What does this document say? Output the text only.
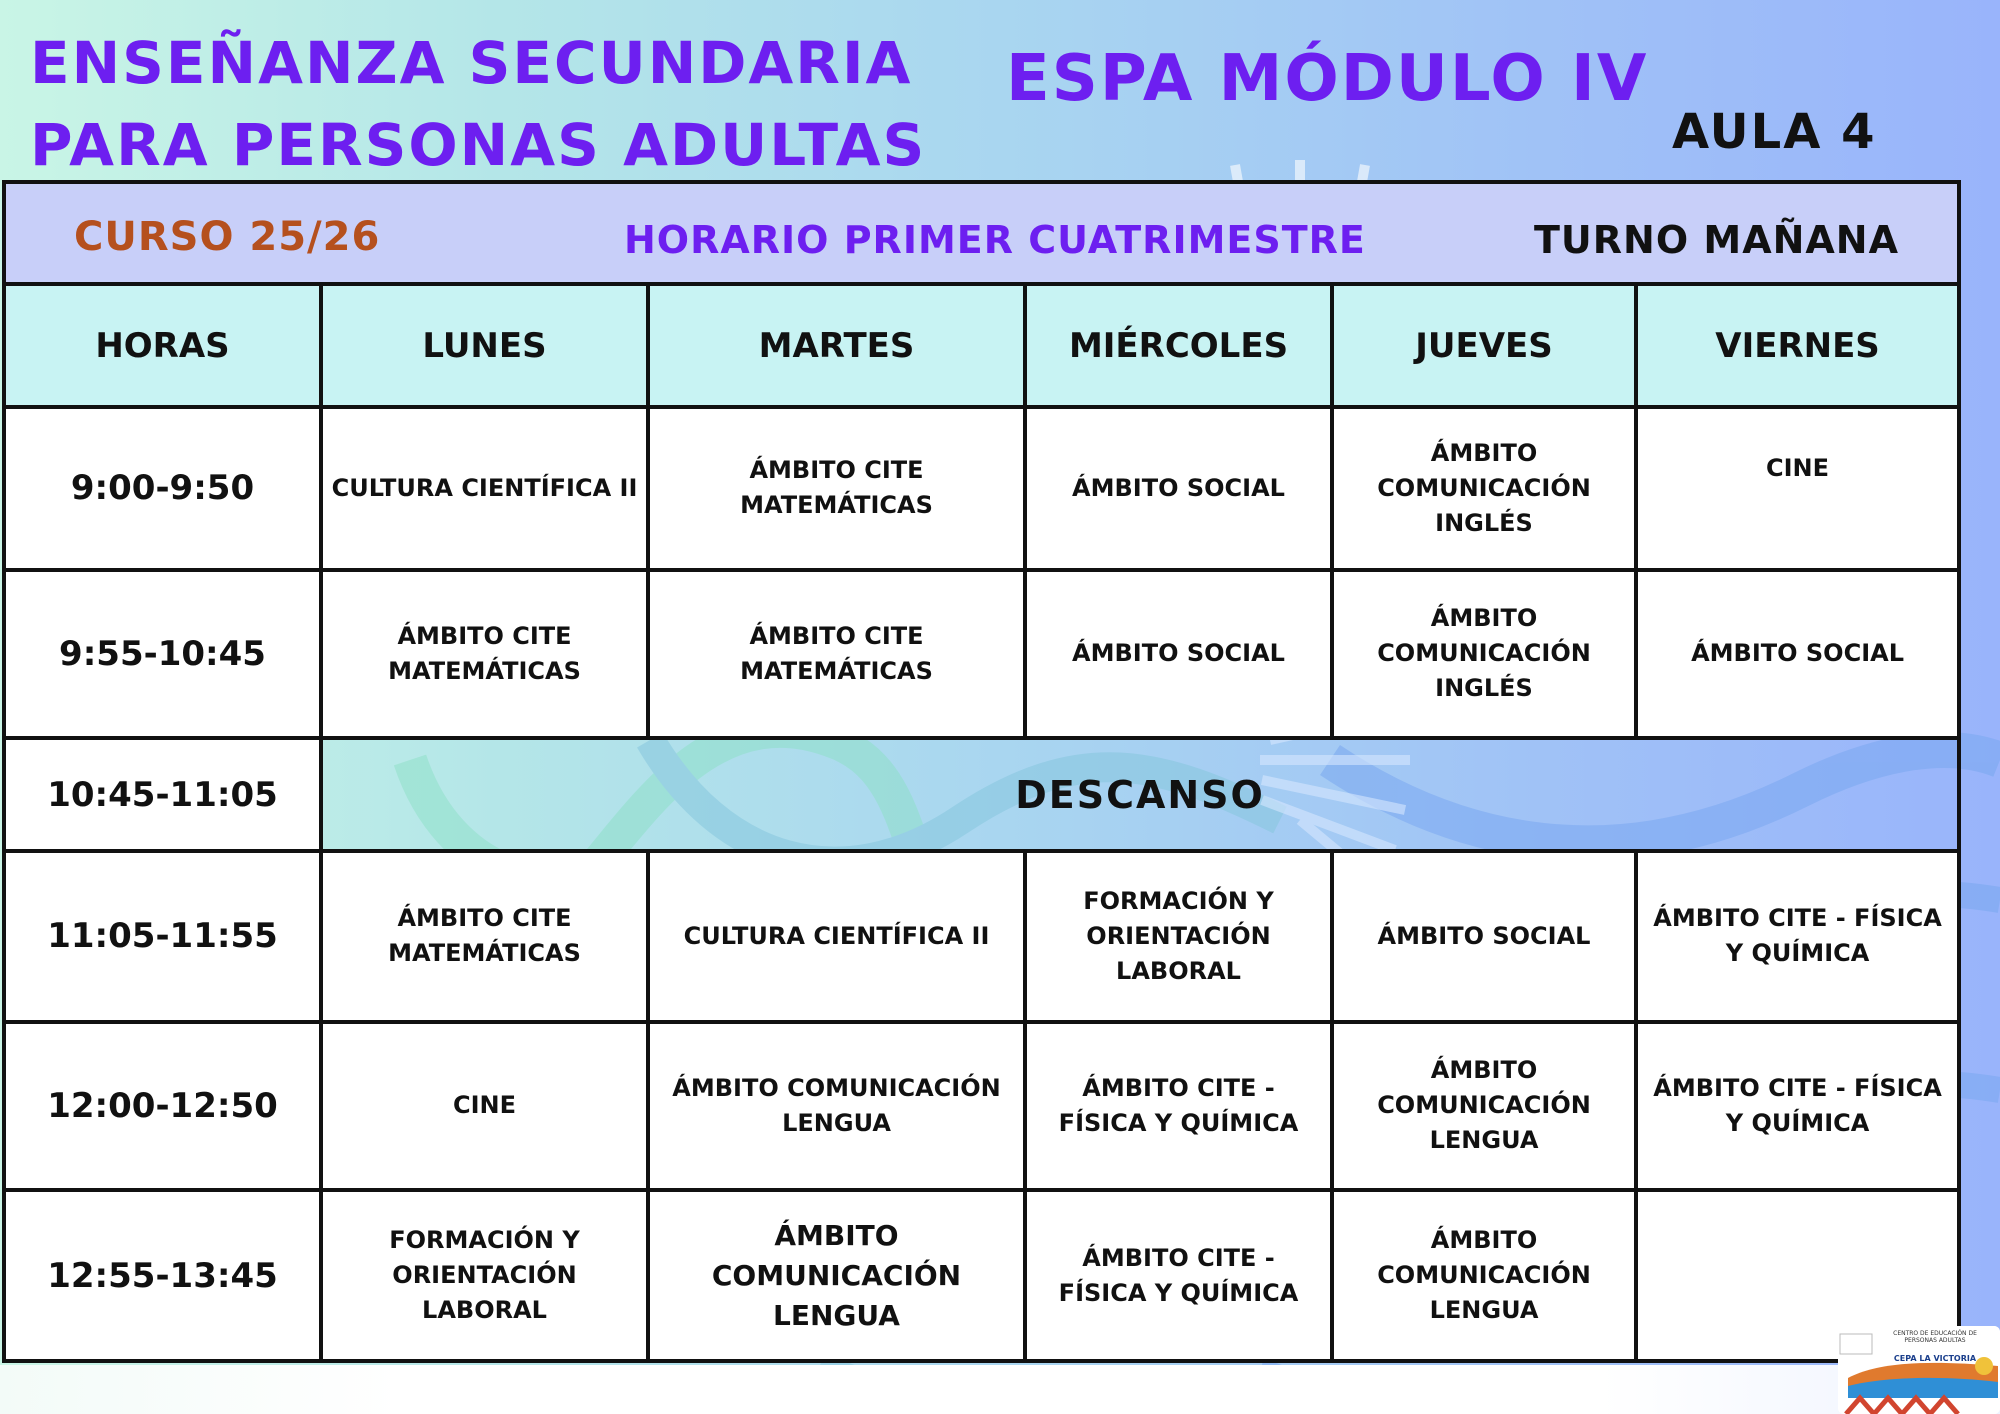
ENSEÑANZA SECUNDARIA
PARA PERSONAS ADULTAS
ESPA MÓDULO IV
AULA 4
CURSO 25/26 HORARIO PRIMER CUATRIMESTRE TURNO MAÑANA					

HORAS	LUNES	MARTES	MIÉRCOLES	JUEVES	VIERNES
9:00-9:50	CULTURA CIENTÍFICA II	ÁMBITO CITE MATEMÁTICAS	ÁMBITO SOCIAL	ÁMBITO COMUNICACIÓN INGLÉS	CINE
9:55-10:45	ÁMBITO CITE MATEMÁTICAS	ÁMBITO CITE MATEMÁTICAS	ÁMBITO SOCIAL	ÁMBITO COMUNICACIÓN INGLÉS	ÁMBITO SOCIAL
10:45-11:05	DESCANSO				
11:05-11:55	ÁMBITO CITE MATEMÁTICAS	CULTURA CIENTÍFICA II	FORMACIÓN Y ORIENTACIÓN LABORAL	ÁMBITO SOCIAL	ÁMBITO CITE - FÍSICA Y QUÍMICA
12:00-12:50	CINE	ÁMBITO COMUNICACIÓN LENGUA	ÁMBITO CITE - FÍSICA Y QUÍMICA	ÁMBITO COMUNICACIÓN LENGUA	ÁMBITO CITE - FÍSICA Y QUÍMICA
12:55-13:45	FORMACIÓN Y ORIENTACIÓN LABORAL	ÁMBITO COMUNICACIÓN LENGUA	ÁMBITO CITE - FÍSICA Y QUÍMICA	ÁMBITO COMUNICACIÓN LENGUA	
CENTRO DE EDUCACIÓN DE PERSONAS ADULTAS
CEPA LA VICTORIA
